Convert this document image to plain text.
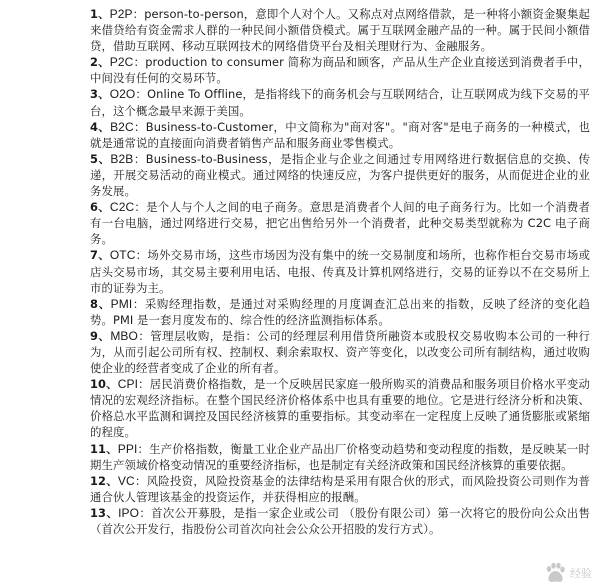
1、P2P：person-to-person，意即个人对个人。又称点对点网络借款，是一种将小额资金聚集起来借贷给有资金需求人群的一种民间小额借贷模式。属于互联网金融产品的一种。属于民间小额借贷，借助互联网、移动互联网技术的网络借贷平台及相关理财行为、金融服务。

2、P2C：production to consumer 简称为商品和顾客，产品从生产企业直接送到消费者手中，中间没有任何的交易环节。

3、O2O：Online To Offline，是指将线下的商务机会与互联网结合，让互联网成为线下交易的平台，这个概念最早来源于美国。

4、B2C：Business-to-Customer，中文简称为"商对客"。"商对客"是电子商务的一种模式，也就是通常说的直接面向消费者销售产品和服务商业零售模式。

5、B2B：Business-to-Business，是指企业与企业之间通过专用网络进行数据信息的交换、传递，开展交易活动的商业模式。通过网络的快速反应，为客户提供更好的服务，从而促进企业的业务发展。

6、C2C：是个人与个人之间的电子商务。意思是消费者个人间的电子商务行为。比如一个消费者有一台电脑，通过网络进行交易，把它出售给另外一个消费者，此种交易类型就称为 C2C 电子商务。

7、OTC：场外交易市场，这些市场因为没有集中的统一交易制度和场所，也称作柜台交易市场或店头交易市场，其交易主要利用电话、电报、传真及计算机网络进行，交易的证券以不在交易所上市的证券为主。

8、PMI：采购经理指数，是通过对采购经理的月度调查汇总出来的指数，反映了经济的变化趋势。PMI 是一套月度发布的、综合性的经济监测指标体系。

9、MBO：管理层收购，是指：公司的经理层利用借贷所融资本或股权交易收购本公司的一种行为，从而引起公司所有权、控制权、剩余索取权、资产等变化，以改变公司所有制结构，通过收购使企业的经营者变成了企业的所有者。

10、CPI：居民消费价格指数，是一个反映居民家庭一般所购买的消费品和服务项目价格水平变动情况的宏观经济指标。在整个国民经济价格体系中也具有重要的地位。它是进行经济分析和决策、价格总水平监测和调控及国民经济核算的重要指标。其变动率在一定程度上反映了通货膨胀或紧缩的程度。

11、PPI：生产价格指数，衡量工业企业产品出厂价格变动趋势和变动程度的指数，是反映某一时期生产领域价格变动情况的重要经济指标，也是制定有关经济政策和国民经济核算的重要依据。

12、VC：风险投资，风险投资基金的法律结构是采用有限合伙的形式，而风险投资公司则作为普通合伙人管理该基金的投资运作，并获得相应的报酬。

13、IPO：首次公开募股，是指一家企业或公司 （股份有限公司）第一次将它的股份向公众出售（首次公开发行，指股份公司首次向社会公众公开招股的发行方式）。

经验
